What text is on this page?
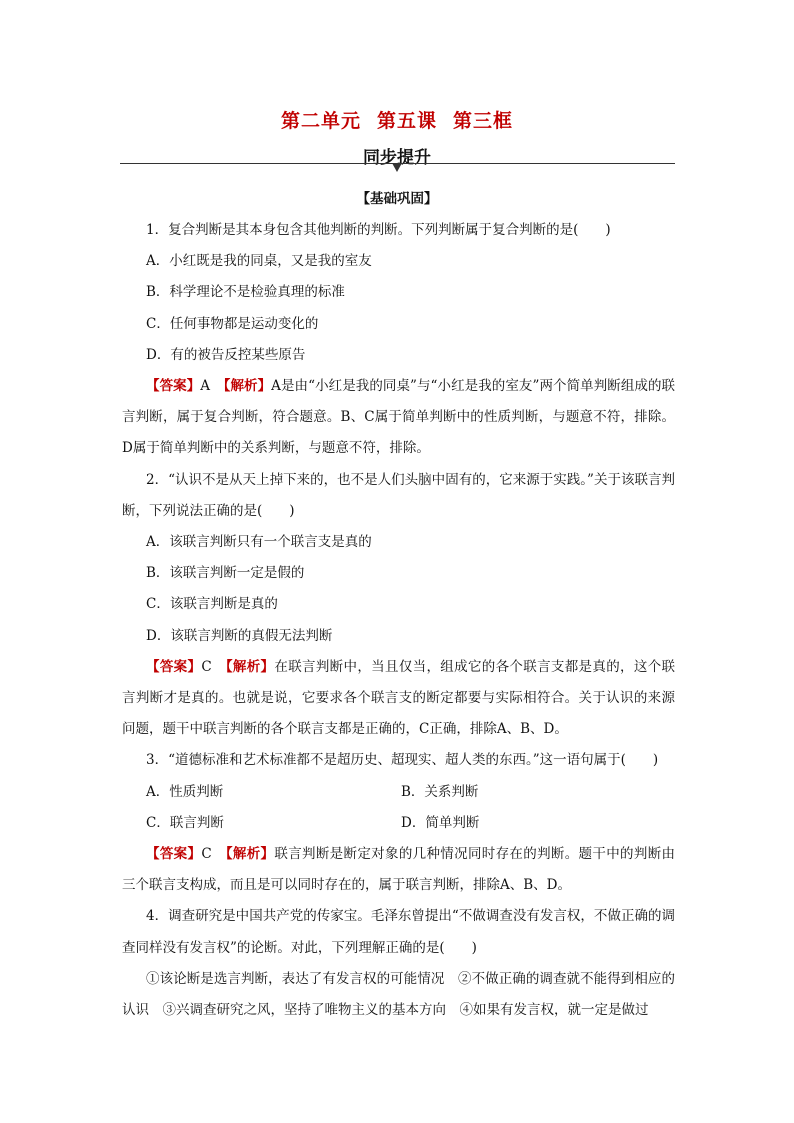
第二单元 第五课 第三框
同步提升
【基础巩固】

1．复合判断是其本身包含其他判断的判断。下列判断属于复合判断的是(　　)

A．小红既是我的同桌，又是我的室友

B．科学理论不是检验真理的标准

C．任何事物都是运动变化的

D．有的被告反控某些原告

【答案】A　 【解析】A是由“小红是我的同桌”与“小红是我的室友”两个简单判断组成的联言判断，属于复合判断，符合题意。B、C属于简单判断中的性质判断，与题意不符，排除。D属于简单判断中的关系判断，与题意不符，排除。

2．“认识不是从天上掉下来的，也不是人们头脑中固有的，它来源于实践。”关于该联言判断，下列说法正确的是(　　)

A．该联言判断只有一个联言支是真的

B．该联言判断一定是假的

C．该联言判断是真的

D．该联言判断的真假无法判断

【答案】C　 【解析】在联言判断中，当且仅当，组成它的各个联言支都是真的，这个联言判断才是真的。也就是说，它要求各个联言支的断定都要与实际相符合。关于认识的来源问题，题干中联言判断的各个联言支都是正确的，C正确，排除A、B、D。

3．“道德标准和艺术标准都不是超历史、超现实、超人类的东西。”这一语句属于(　　)

A．性质判断	B．关系判断
C．联言判断	D．简单判断

【答案】C　 【解析】联言判断是断定对象的几种情况同时存在的判断。题干中的判断由三个联言支构成，而且是可以同时存在的，属于联言判断，排除A、B、D。

4．调查研究是中国共产党的传家宝。毛泽东曾提出“不做调查没有发言权，不做正确的调查同样没有发言权”的论断。对此，下列理解正确的是(　　)

①该论断是选言判断，表达了有发言权的可能情况　②不做正确的调查就不能得到相应的认识　③兴调查研究之风，坚持了唯物主义的基本方向　④如果有发言权，就一定是做过
